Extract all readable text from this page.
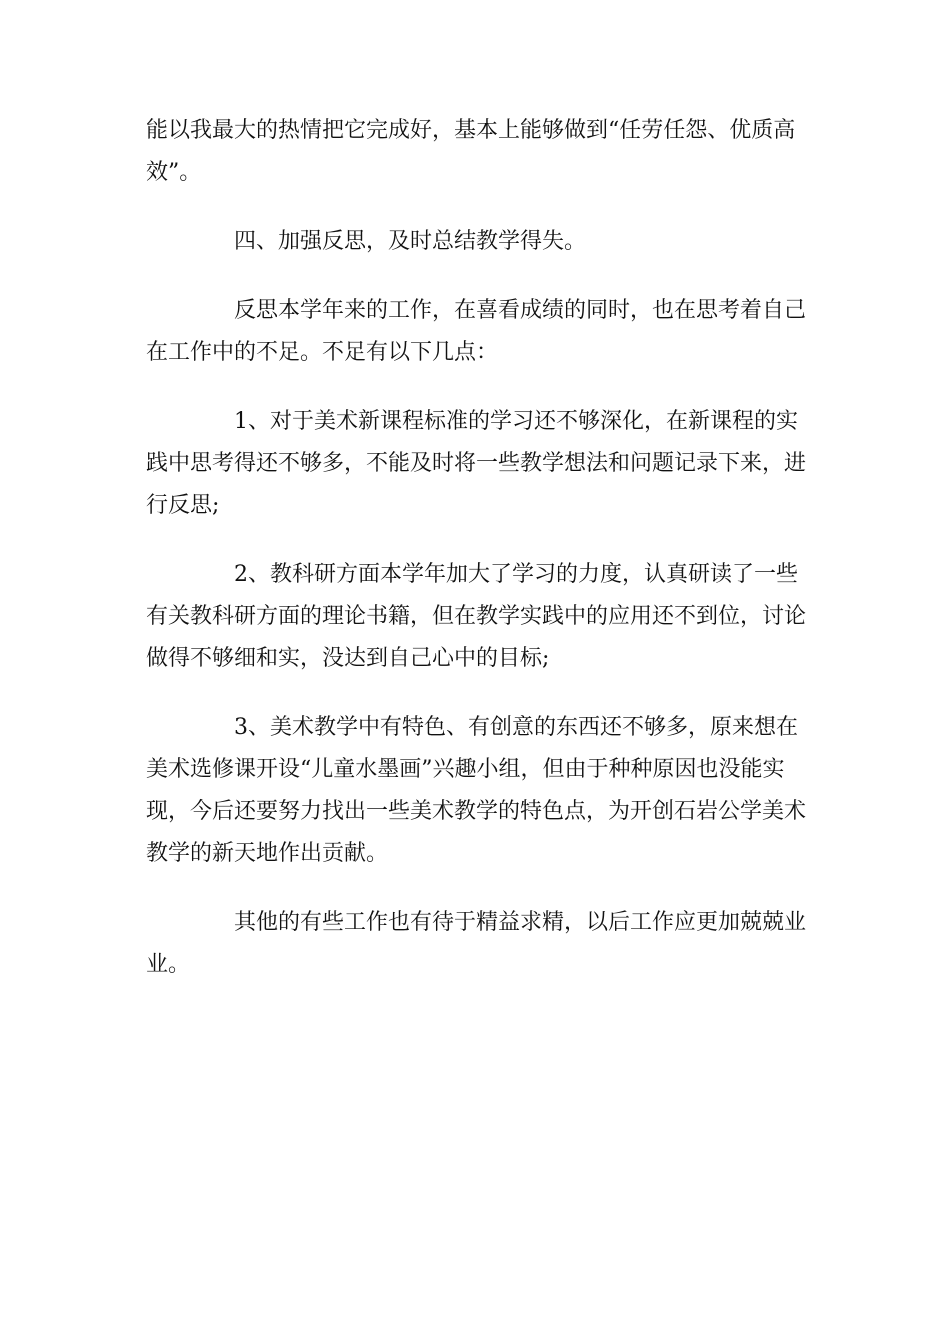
能以我最大的热情把它完成好，基本上能够做到“任劳任怨、优质高效”。

四、加强反思，及时总结教学得失。

反思本学年来的工作，在喜看成绩的同时，也在思考着自己在工作中的不足。不足有以下几点：

1、对于美术新课程标准的学习还不够深化，在新课程的实践中思考得还不够多，不能及时将一些教学想法和问题记录下来，进行反思;

2、教科研方面本学年加大了学习的力度，认真研读了一些有关教科研方面的理论书籍，但在教学实践中的应用还不到位，讨论做得不够细和实，没达到自己心中的目标;

3、美术教学中有特色、有创意的东西还不够多，原来想在美术选修课开设“儿童水墨画”兴趣小组，但由于种种原因也没能实现，今后还要努力找出一些美术教学的特色点，为开创石岩公学美术教学的新天地作出贡献。

其他的有些工作也有待于精益求精，以后工作应更加兢兢业业。
